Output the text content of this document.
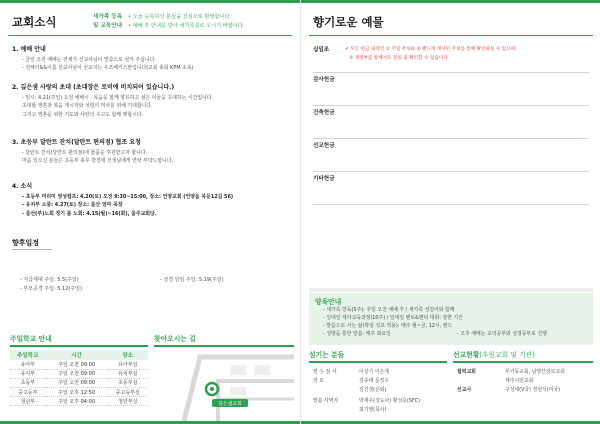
교회소식	새가족 등록
및 교육안내
• 오늘 등록하신 분들을 진심으로 환영합니다.
• 예배 후 안내를 받아 새가족실로 오시기 바랍니다.
1. 예배 안내
- 금일 오전 예배는 전체가 선교사님이 말씀으로 섬겨 주십니다.
- 전체가&&이름 선교사님이 선교지는 우즈베키스탄입니다(교회 총회 KPM 소속)
2. 깊은샘 사랑의 초대 (초대장은 로비에 비치되어 있습니다.)
- 일시: 4.21(주일) 오전 예배시 · 목음을 함께 향유하고 싶은 이들을 초대하는 시간입니다.
초대할 영혼과 복음 게시자와 성령의 역사를 위해 기대합니다.
그리고 영혼을 위한 기도와 사랑의 수고도 함께 행합시다.
3. 초등부 달란트 잔치(달란트 편의점) 협조 요청
- 달란트 잔치(달란트 편의점)에 물품을 후원받고자 합니다.
마음 있으신 분들은 초등부 총무 박경애 선생님에게 연락 부탁드립니다.
4. 소식
- 초등부 머리미 영성캠프: 4.20(토) 오전 9:30~15:00, 장소: 언양교회 (언양읍 북문12길 56)
- 유치부 소풍: 4.27(토) 장소: 울산 엄마 목장
- 울산(부)노회 정기 봄 노회: 4.15(월)~16(화), 울주교회당.
향후일정
- 지급세대 주일: 5.5(주일)	- 성경 암임 주일: 5.19(주일)
- 부모공경 주일: 5.12(주일)
주일학교 안내
주일학교	시간	장소
유아부	주일 오전 09:00	유아부실
유치부	주일 오전 09:00	유치부실
초등부	주일 오전 09:00	초등부실
중고등부	주일 오후 12:50	중고등부실
청년부	주일 오후 04:00	청년부실
찾아오시는 길
달은샘교회
향기로운 예물
십일조	✔ 모든 헌금 내역인 ① 주일 주보와 ② 밴드에 게시된 주보를 통해 확인하실 수 있으며,
③ 재정부를 통해서도 문의 및 확인할 수 있습니다.
감사헌금
건축헌금
선교헌금
기타헌금
양육안내
- 새가족 양육(5주): 주일 오전 예배 후 / 새가족 성김이와 함께
- 일대일 제자교육과정(10주) / 일대일 멘토&멘티 대화: 장한 기간
- 말씀으로 사는 삶(학임 성교 적용): 매주 월~금, 12시, 밴드
- 성방을 통한 말씀: 매주 화요일	- 오후 예배는 교리공부와 성경공부로 진행
섬기는 분들
헌 수 점 사	이상기 이은재
장 로	김종태 문정수
김진경(은퇴)
말씀 사역자	박재우(강도사) 황성호(SFC)
최기영(목사)
선교현황(후원교회 및 기관)
협력교회	무거동교회, 남양산장로교회
제주시민교회
선교사	구성태(V국) 정현석(미국)
